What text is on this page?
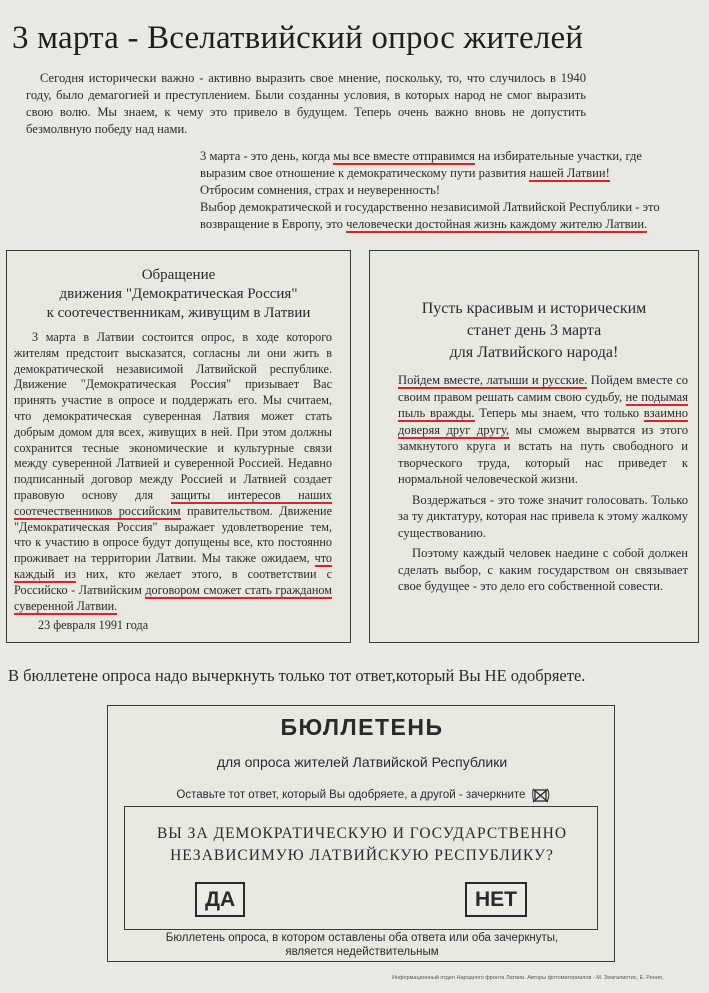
3 марта - Вселатвийский опрос жителей

Сегодня исторически важно - активно выразить свое мнение, поскольку, то, что случилось в 1940 году, было демагогией и преступлением. Были созданны условия, в которых народ не смог выразить свою волю. Мы знаем, к чему это привело в будущем. Теперь очень важно вновь не допустить безмолвную победу над нами.

3 марта - это день, когда мы все вместе отправимся на избирательные участки, где выразим свое отношение к демократическому пути развития нашей Латвии!

Отбросим сомнения, страх и неуверенность!

Выбор демократической и государственно независимой Латвийской Республики - это возвращение в Европу, это человечески достойная жизнь каждому жителю Латвии.

Обращение
движения "Демократическая Россия"
к соотечественникам, живущим в Латвии

3 марта в Латвии состоится опрос, в ходе которого жителям предстоит высказатся, согласны ли они жить в демократической независимой Латвийской республике. Движение "Демократическая Россия" призывает Вас принять участие в опросе и поддержать его. Мы считаем, что демократическая суверенная Латвия может стать добрым домом для всех, живущих в ней. При этом должны сохранится тесные экономические и культурные связи между суверенной Латвией и суверенной Россией. Недавно подписанный договор между Россией и Латвией создает правовую основу для защиты интересов наших соотечественников российским правительством. Движение "Демократическая Россия" выражает удовлетворение тем, что к участию в опросе будут допущены все, кто постоянно проживает на территории Латвии. Мы также ожидаем, что каждый из них, кто желает этого, в соответствии с Российско - Латвийским договором сможет стать гражданом суверенной Латвии.

23 февраля 1991 года
Пусть красивым и историческим
станет день 3 марта
для Латвийского народа!

Пойдем вместе, латыши и русские. Пойдем вместе со своим правом решать самим свою судьбу, не подымая пыль вражды. Теперь мы знаем, что только взаимно доверяя друг другу, мы сможем вырватся из этого замкнутого круга и встать на путь свободного и творческого труда, который нас приведет к нормальной человеческой жизни.

Воздержаться - это тоже значит голосовать. Только за ту диктатуру, которая нас привела к этому жалкому существованию.

Поэтому каждый человек наедине с собой должен сделать выбор, с каким государством он связывает свое будущее - это дело его собственной совести.

В бюллетене опроса надо вычеркнуть только тот ответ,который Вы НЕ одобряете.
БЮЛЛЕТЕНЬ
для опроса жителей Латвийской Республики
Оставьте тот ответ, который Вы одобряете, а другой - зачеркните
ВЫ ЗА ДЕМОКРАТИЧЕСКУЮ И ГОСУДАРСТВЕННО
НЕЗАВИСИМУЮ ЛАТВИЙСКУЮ РЕСПУБЛИКУ?
ДА	НЕТ
Бюллетень опроса, в котором оставлены оба ответа или оба зачеркнуты,
является недействительным
Информационный отдел Народного фронта Латвии. Авторы фотоматериалов - М. Земгалиетис, Е. Рения,
